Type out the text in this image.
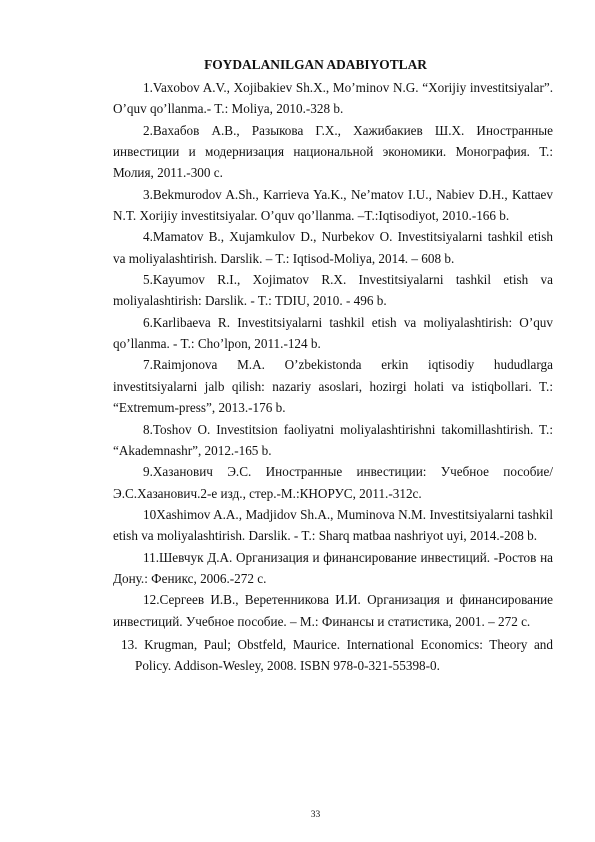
FOYDALANILGAN ADABIYOTLAR

1.Vaxobov A.V., Xojibakiev Sh.X., Mo’minov N.G. “Xorijiy investitsiyalar”. O’quv qo’llanma.- T.: Moliya, 2010.-328 b.

2.Вахабов А.В., Разыкова Г.Х., Хажибакиев Ш.Х. Иностранные инвестиции и модернизация национальной экономики. Монография. Т.: Молия, 2011.-300 с.

3.Bekmurodov A.Sh., Karrieva Ya.K., Ne’matov I.U., Nabiev D.H., Kattaev N.T. Xorijiy investitsiyalar. O’quv qo’llanma. –T.:Iqtisodiyot, 2010.-166 b.

4.Mamatov B., Xujamkulov D., Nurbekov O. Investitsiyalarni tashkil etish va moliyalashtirish. Darslik. – T.: Iqtisod-Moliya, 2014. – 608 b.

5.Kayumov R.I., Xojimatov R.X. Investitsiyalarni tashkil etish va moliyalashtirish: Darslik. - T.: TDIU, 2010. - 496 b.

6.Karlibaeva R. Investitsiyalarni tashkil etish va moliyalashtirish: O’quv qo’llanma. - T.: Cho’lpon, 2011.-124 b.

7.Raimjonova M.A. O’zbekistonda erkin iqtisodiy hududlarga investitsiyalarni jalb qilish: nazariy asoslari, hozirgi holati va istiqbollari. T.: “Extremum-press”, 2013.-176 b.

8.Toshov O. Investitsion faoliyatni moliyalashtirishni takomillashtirish. T.: “Akademnashr”, 2012.-165 b.

9.Хазанович Э.С. Иностранные инвестиции: Учебное пособие/ Э.С.Хазанович.2-е изд., стер.-М.:КНОРУС, 2011.-312с.

10Xashimov A.A., Madjidov Sh.A., Muminova N.M. Investitsiyalarni tashkil etish va moliyalashtirish. Darslik. - T.: Sharq matbaa nashriyot uyi, 2014.-208 b.

11.Шевчук Д.А. Организация и финансирование инвестиций. -Ростов на Дону.: Феникс, 2006.-272 с.

12.Сергеев И.В., Веретенникова И.И. Организация и финансирование инвестиций. Учебное пособие. – М.: Финансы и статистика, 2001. – 272 с.

13. Krugman, Paul; Obstfeld, Maurice. International Economics: Theory and Policy. Addison-Wesley, 2008. ISBN 978-0-321-55398-0.

33
